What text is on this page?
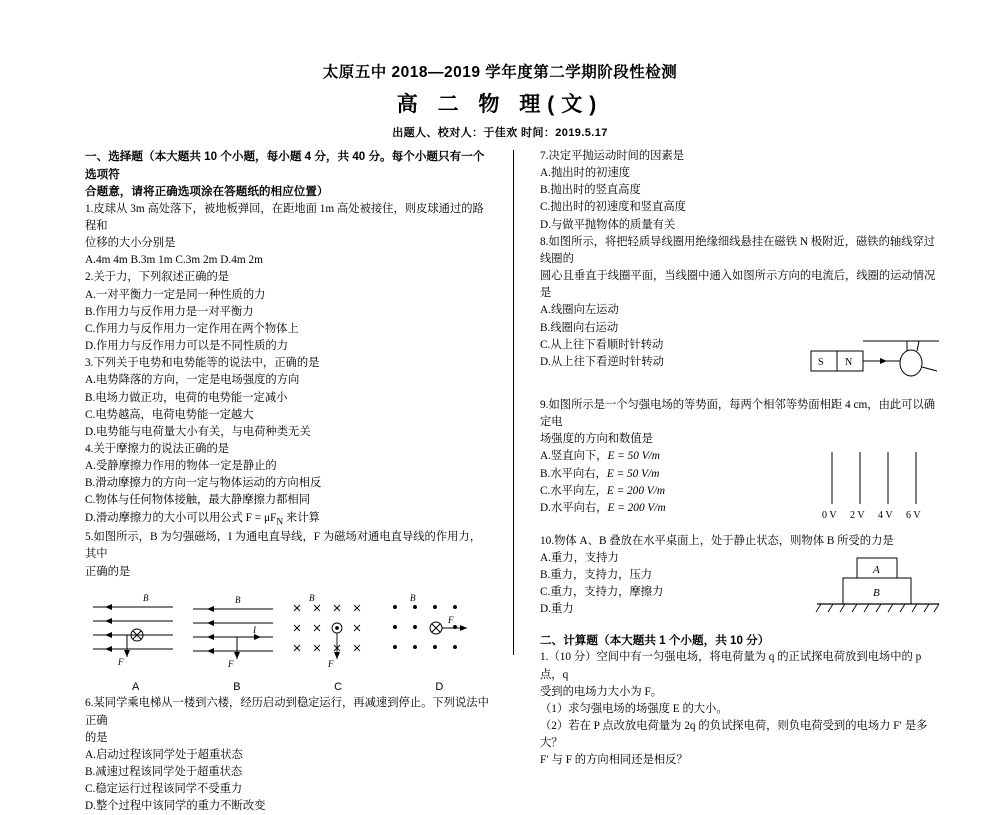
太原五中 2018—2019 学年度第二学期阶段性检测

高 二 物 理(文)

出题人、校对人：于佳欢 时间：2019.5.17

一、选择题（本大题共 10 个小题，每小题 4 分，共 40 分。每个小题只有一个选项符

合题意，请将正确选项涂在答题纸的相应位置）

1.皮球从 3m 高处落下，被地板弹回，在距地面 1m 高处被接住，则皮球通过的路程和

位移的大小分别是

A.4m 4m B.3m 1m C.3m 2m D.4m 2m

2.关于力，下列叙述正确的是

A.一对平衡力一定是同一种性质的力

B.作用力与反作用力是一对平衡力

C.作用力与反作用力一定作用在两个物体上

D.作用力与反作用力可以是不同性质的力

3.下列关于电势和电势能等的说法中，正确的是

A.电势降落的方向，一定是电场强度的方向

B.电场力做正功，电荷的电势能一定减小

C.电势越高，电荷电势能一定越大

D.电势能与电荷量大小有关，与电荷种类无关

4.关于摩擦力的说法正确的是

A.受静摩擦力作用的物体一定是静止的

B.滑动摩擦力的方向一定与物体运动的方向相反

C.物体与任何物体接触，最大静摩擦力都相同

D.滑动摩擦力的大小可以用公式 $F = \mu F_N$ 来计算

5.如图所示，B 为匀强磁场，I 为通电直导线，F 为磁场对通电直导线的作用力，其中

正确的是

B
F
B
I
F
B
F
B
F
A	B	C	D

6.某同学乘电梯从一楼到六楼，经历启动到稳定运行，再减速到停止。下列说法中正确

的是

A.启动过程该同学处于超重状态

B.减速过程该同学处于超重状态

C.稳定运行过程该同学不受重力

D.整个过程中该同学的重力不断改变

7.决定平抛运动时间的因素是

A.抛出时的初速度

B.抛出时的竖直高度

C.抛出时的初速度和竖直高度

D.与做平抛物体的质量有关

8.如图所示，将把轻质导线圈用绝缘细线悬挂在磁铁 N 极附近，磁铁的轴线穿过线圈的

圆心且垂直于线圈平面，当线圈中通入如图所示方向的电流后，线圈的运动情况是

A.线圈向左运动

B.线圈向右运动

S N

C.从上往下看顺时针转动

D.从上往下看逆时针转动

9.如图所示是一个匀强电场的等势面，每两个相邻等势面相距 4 cm，由此可以确定电

场强度的方向和数值是

0 V 2 V 4 V 6 V

A.竖直向下，E = 50 V/m

B.水平向右，E = 50 V/m

C.水平向左，E = 200 V/m

D.水平向右，E = 200 V/m

10.物体 A、B 叠放在水平桌面上，处于静止状态，则物体 B 所受的力是

A
B

A.重力，支持力

B.重力，支持力，压力

C.重力，支持力，摩擦力

D.重力

二、计算题（本大题共 1 个小题，共 10 分）

1.（10 分）空间中有一匀强电场，将电荷量为 q 的正试探电荷放到电场中的 p 点，q

受到的电场力大小为 F。

（1）求匀强电场的场强度 E 的大小。

（2）若在 P 点改放电荷量为 2q 的负试探电荷，则负电荷受到的电场力 F′ 是多大？

F′ 与 F 的方向相同还是相反？
